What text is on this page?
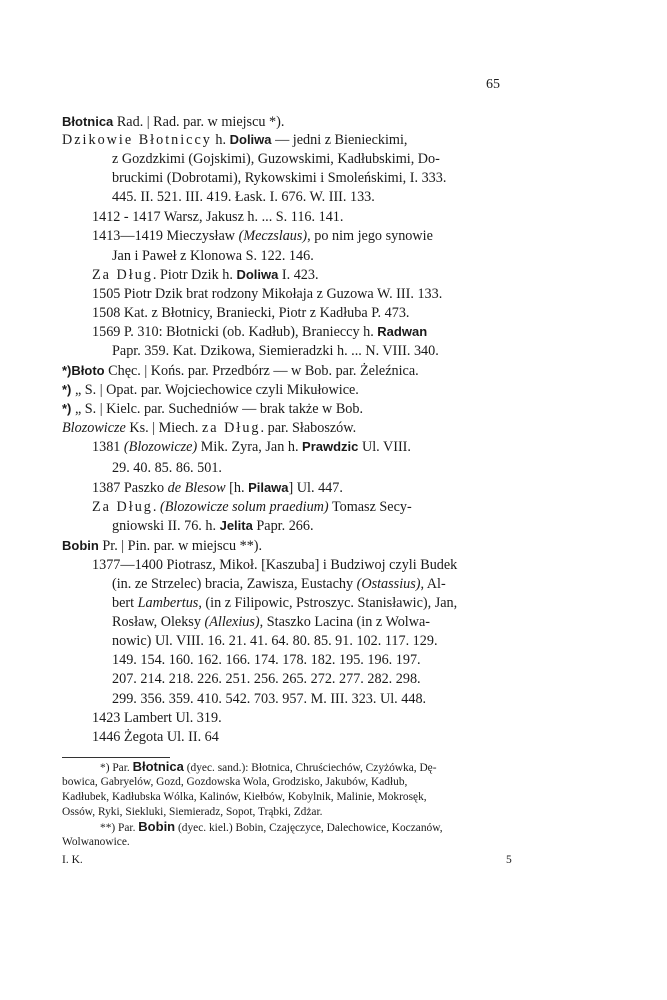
65
Błotnica Rad. | Rad. par. w miejscu *).
Dzikowie Błotniccy h. Doliwa — jedni z Bienieckimi,
z Gozdzkimi (Gojskimi), Guzowskimi, Kadłubskimi, Do-
bruckimi (Dobrotami), Rykowskimi i Smoleńskimi, I. 333.
445. II. 521. III. 419. Łask. I. 676. W. III. 133.
1412 - 1417 Warsz, Jakusz h. ... S. 116. 141.
1413—1419 Mieczysław (Meczslaus), po nim jego synowie
Jan i Paweł z Klonowa S. 122. 146.
Za Dług. Piotr Dzik h. Doliwa I. 423.
1505 Piotr Dzik brat rodzony Mikołaja z Guzowa W. III. 133.
1508 Kat. z Błotnicy, Braniecki, Piotr z Kadłuba P. 473.
1569 P. 310: Błotnicki (ob. Kadłub), Branieccy h. Radwan
Papr. 359. Kat. Dzikowa, Siemieradzki h. ... N. VIII. 340.
*)Błoto Chęc. | Końs. par. Przedbórz — w Bob. par. Żeleźnica.
*) „ S. | Opat. par. Wojciechowice czyli Mikułowice.
*) „ S. | Kielc. par. Suchedniów — brak także w Bob.
Blozowicze Ks. | Miech. za Dług. par. Słaboszów.
1381 (Blozowicze) Mik. Zyra, Jan h. Prawdzic Ul. VIII.
29. 40. 85. 86. 501.
1387 Paszko de Blesow [h. Pilawa] Ul. 447.
Za Dług. (Blozowicze solum praedium) Tomasz Secy-
gniowski II. 76. h. Jelita Papr. 266.
Bobin Pr. | Pin. par. w miejscu **).
1377—1400 Piotrasz, Mikoł. [Kaszuba] i Budziwoj czyli Budek
(in. ze Strzelec) bracia, Zawisza, Eustachy (Ostassius), Al-
bert Lambertus, (in z Filipowic, Pstroszyc. Stanisławic), Jan,
Rosław, Oleksy (Allexius), Staszko Lacina (in z Wolwa-
nowic) Ul. VIII. 16. 21. 41. 64. 80. 85. 91. 102. 117. 129.
149. 154. 160. 162. 166. 174. 178. 182. 195. 196. 197.
207. 214. 218. 226. 251. 256. 265. 272. 277. 282. 298.
299. 356. 359. 410. 542. 703. 957. M. III. 323. Ul. 448.
1423 Lambert Ul. 319.
1446 Żegota Ul. II. 64
*) Par. Błotnica (dyec. sand.): Błotnica, Chruściechów, Czyżówka, Dę-
bowica, Gabryelów, Gozd, Gozdowska Wola, Grodzisko, Jakubów, Kadłub,
Kadłubek, Kadłubska Wólka, Kalinów, Kiełbów, Kobylnik, Malinie, Mokrosęk,
Ossów, Ryki, Siekluki, Siemieradz, Sopot, Trąbki, Zdżar.
**) Par. Bobin (dyec. kiel.) Bobin, Czajęczyce, Dalechowice, Koczanów,
Wolwanowice.
I. K.	5
